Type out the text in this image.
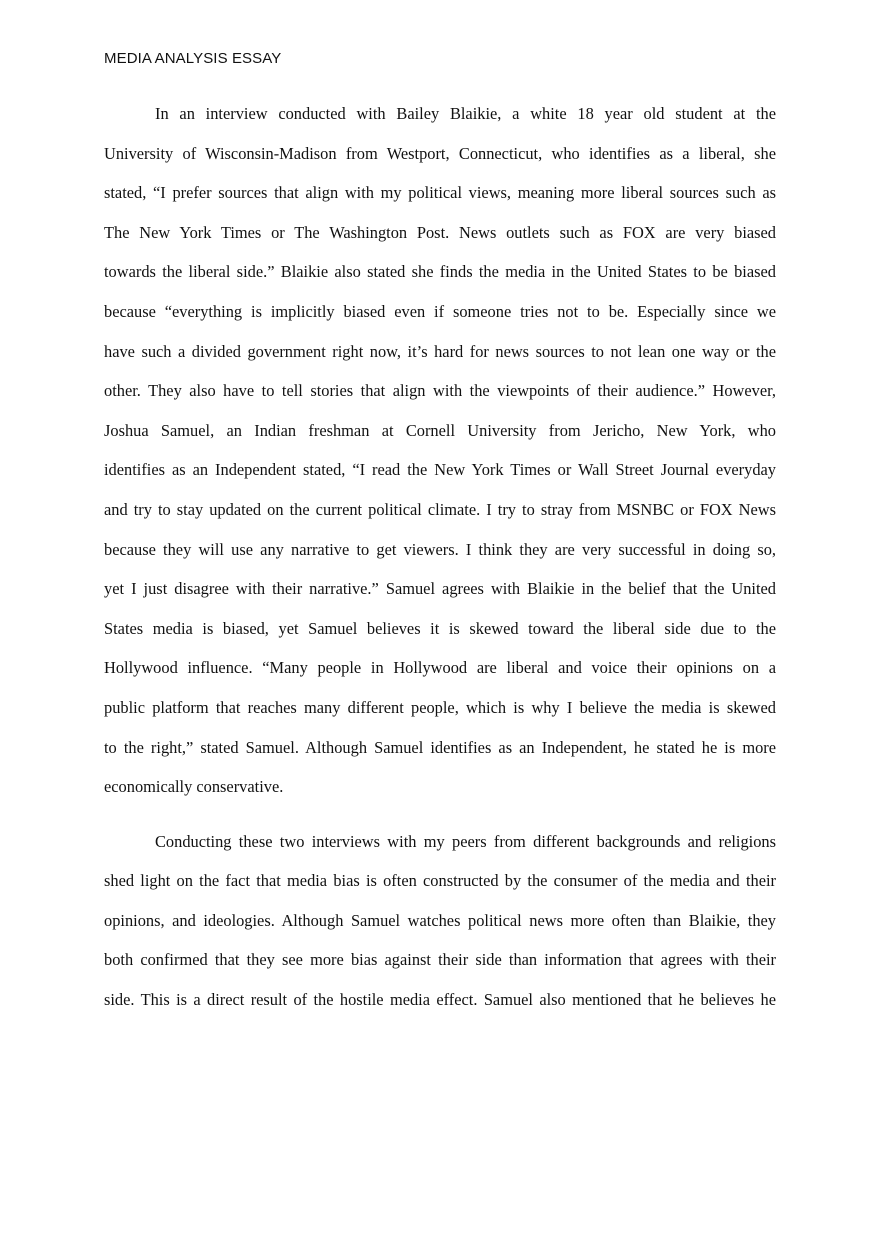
MEDIA ANALYSIS ESSAY
In an interview conducted with Bailey Blaikie, a white 18 year old student at the
University of Wisconsin-Madison from Westport, Connecticut, who identifies as a liberal, she
stated, “I prefer sources that align with my political views, meaning more liberal sources such as
The New York Times or The Washington Post. News outlets such as FOX are very biased
towards the liberal side.” Blaikie also stated she finds the media in the United States to be biased
because “everything is implicitly biased even if someone tries not to be. Especially since we
have such a divided government right now, it’s hard for news sources to not lean one way or the
other. They also have to tell stories that align with the viewpoints of their audience.” However,
Joshua Samuel, an Indian freshman at Cornell University from Jericho, New York, who
identifies as an Independent stated, “I read the New York Times or Wall Street Journal everyday
and try to stay updated on the current political climate. I try to stray from MSNBC or FOX News
because they will use any narrative to get viewers. I think they are very successful in doing so,
yet I just disagree with their narrative.” Samuel agrees with Blaikie in the belief that the United
States media is biased, yet Samuel believes it is skewed toward the liberal side due to the
Hollywood influence. “Many people in Hollywood are liberal and voice their opinions on a
public platform that reaches many different people, which is why I believe the media is skewed
to the right,” stated Samuel. Although Samuel identifies as an Independent, he stated he is more
economically conservative.
Conducting these two interviews with my peers from different backgrounds and religions
shed light on the fact that media bias is often constructed by the consumer of the media and their
opinions, and ideologies. Although Samuel watches political news more often than Blaikie, they
both confirmed that they see more bias against their side than information that agrees with their
side. This is a direct result of the hostile media effect. Samuel also mentioned that he believes he
